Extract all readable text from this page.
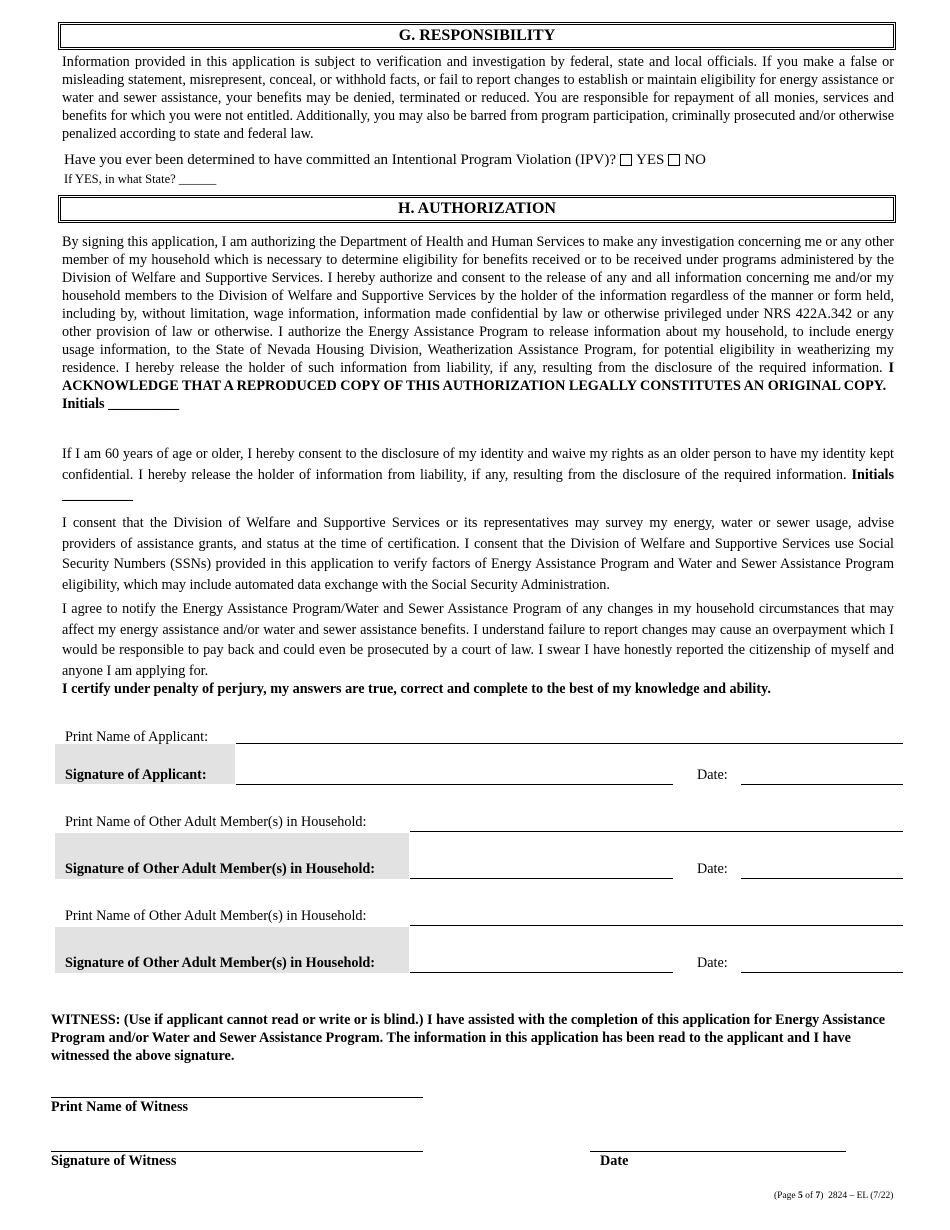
G. RESPONSIBILITY

Information provided in this application is subject to verification and investigation by federal, state and local officials. If you make a false or misleading statement, misrepresent, conceal, or withhold facts, or fail to report changes to establish or maintain eligibility for energy assistance or water and sewer assistance, your benefits may be denied, terminated or reduced. You are responsible for repayment of all monies, services and benefits for which you were not entitled. Additionally, you may also be barred from program participation, criminally prosecuted and/or otherwise penalized according to state and federal law.

Have you ever been determined to have committed an Intentional Program Violation (IPV)? YES NO
If YES, in what State? ______
H. AUTHORIZATION

By signing this application, I am authorizing the Department of Health and Human Services to make any investigation concerning me or any other member of my household which is necessary to determine eligibility for benefits received or to be received under programs administered by the Division of Welfare and Supportive Services. I hereby authorize and consent to the release of any and all information concerning me and/or my household members to the Division of Welfare and Supportive Services by the holder of the information regardless of the manner or form held, including by, without limitation, wage information, information made confidential by law or otherwise privileged under NRS 422A.342 or any other provision of law or otherwise. I authorize the Energy Assistance Program to release information about my household, to include energy usage information, to the State of Nevada Housing Division, Weatherization Assistance Program, for potential eligibility in weatherizing my residence. I hereby release the holder of such information from liability, if any, resulting from the disclosure of the required information. I ACKNOWLEDGE THAT A REPRODUCED COPY OF THIS AUTHORIZATION LEGALLY CONSTITUTES AN ORIGINAL COPY.
Initials __________

If I am 60 years of age or older, I hereby consent to the disclosure of my identity and waive my rights as an older person to have my identity kept confidential. I hereby release the holder of information from liability, if any, resulting from the disclosure of the required information. Initials __________

I consent that the Division of Welfare and Supportive Services or its representatives may survey my energy, water or sewer usage, advise providers of assistance grants, and status at the time of certification. I consent that the Division of Welfare and Supportive Services use Social Security Numbers (SSNs) provided in this application to verify factors of Energy Assistance Program and Water and Sewer Assistance Program eligibility, which may include automated data exchange with the Social Security Administration.

I agree to notify the Energy Assistance Program/Water and Sewer Assistance Program of any changes in my household circumstances that may affect my energy assistance and/or water and sewer assistance benefits. I understand failure to report changes may cause an overpayment which I would be responsible to pay back and could even be prosecuted by a court of law. I swear I have honestly reported the citizenship of myself and anyone I am applying for.

I certify under penalty of perjury, my answers are true, correct and complete to the best of my knowledge and ability.
Print Name of Applicant:
Signature of Applicant:	Date:
Print Name of Other Adult Member(s) in Household:
Signature of Other Adult Member(s) in Household:	Date:
Print Name of Other Adult Member(s) in Household:
Signature of Other Adult Member(s) in Household:	Date:
WITNESS: (Use if applicant cannot read or write or is blind.) I have assisted with the completion of this application for Energy Assistance Program and/or Water and Sewer Assistance Program. The information in this application has been read to the applicant and I have witnessed the above signature.
Print Name of Witness
Signature of Witness	Date
(Page 5 of 7) 2824 – EL (7/22)
